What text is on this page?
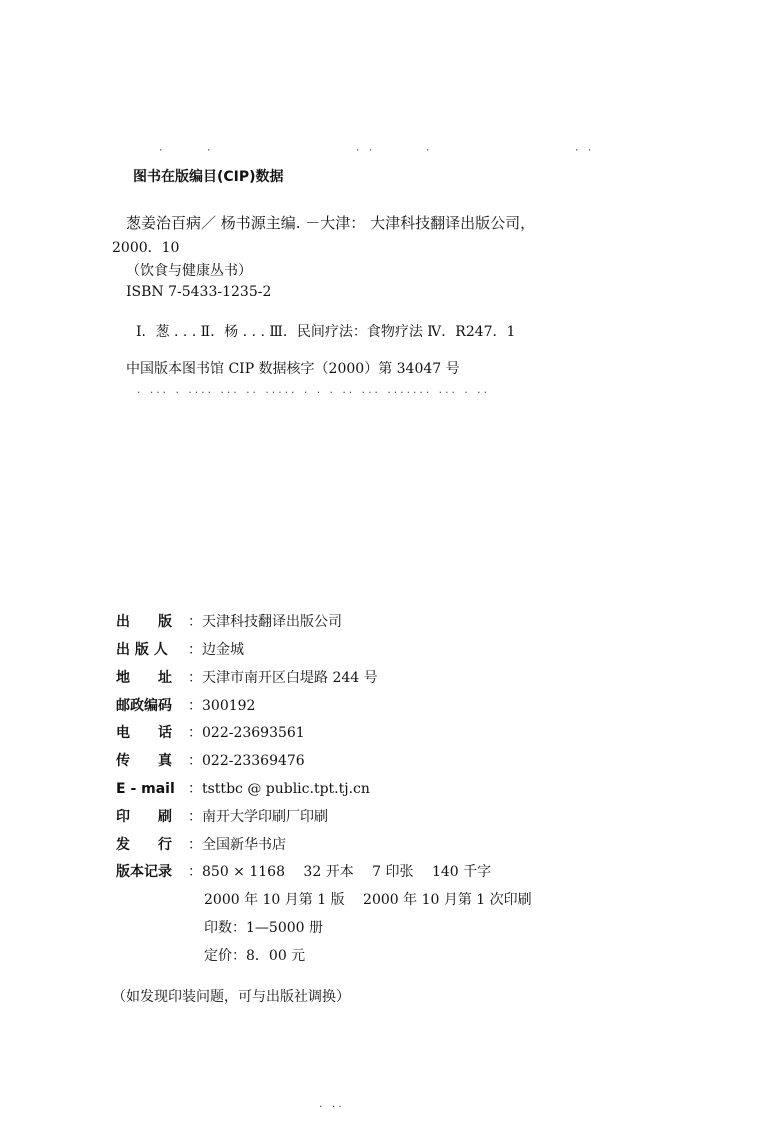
·	·	· ·	·	· ·
图书在版编目(CIP)数据
葱姜治百病／ 杨书源主编. －大津： 大津科技翻译出版公司，
2000．10
（饮食与健康丛书）
ISBN 7-5433-1235-2
Ⅰ．葱 . . . Ⅱ．杨 . . . Ⅲ．民间疗法：食物疗法 Ⅳ．R247．1
中国版本图书馆 CIP 数据核字（2000）第 34047 号
. ... . .... ... .. ..... . . . .. ... ....... ... . ..
出　　版 ：天津科技翻译出版公司
出 版 人 ：边金城
地　　址 ：天津市南开区白堤路 244 号
邮政编码 ：300192
电　　话 ：022-23693561
传　　真 ：022-23369476
E - mail ：tsttbc @ public.tpt.tj.cn
印　　刷 ：南开大学印刷厂印刷
发　　行 ：全国新华书店
版本记录 ：850 × 1168　 32 开本　 7 印张　 140 千字
2000 年 10 月第 1 版　 2000 年 10 月第 1 次印刷
印数：1—5000 册
定价：8．00 元
（如发现印装问题，可与出版社调换）
. ..
